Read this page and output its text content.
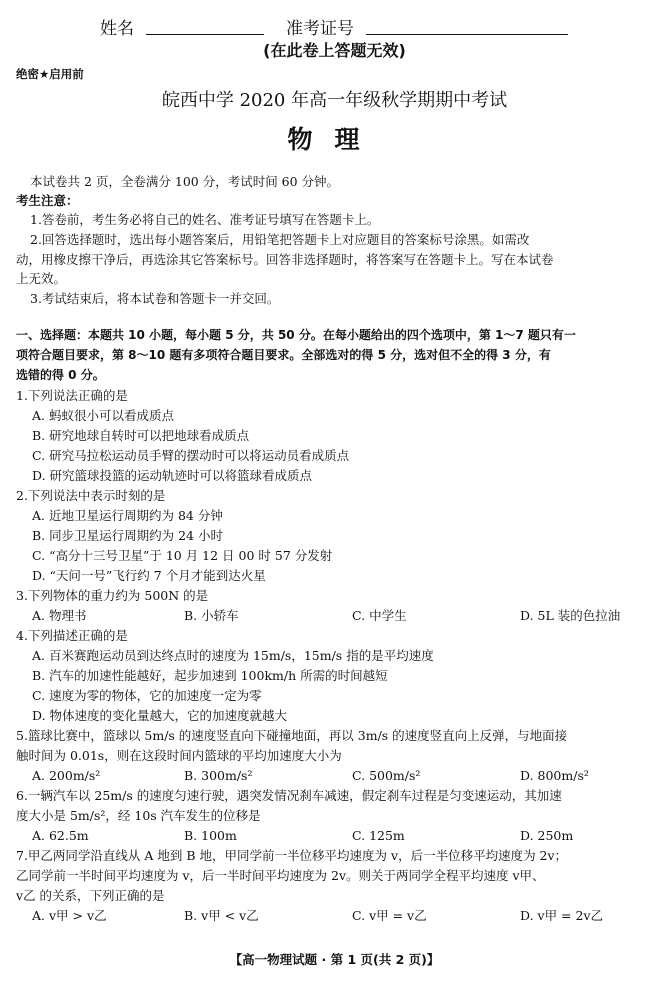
姓名	准考证号
(在此卷上答题无效)
绝密★启用前
皖西中学 2020 年高一年级秋学期期中考试
物理
本试卷共 2 页，全卷满分 100 分，考试时间 60 分钟。
考生注意：
1.答卷前，考生务必将自己的姓名、准考证号填写在答题卡上。
2.回答选择题时，选出每小题答案后，用铅笔把答题卡上对应题目的答案标号涂黑。如需改
动，用橡皮擦干净后，再选涂其它答案标号。回答非选择题时，将答案写在答题卡上。写在本试卷
上无效。
3.考试结束后，将本试卷和答题卡一并交回。
一、选择题：本题共 10 小题，每小题 5 分，共 50 分。在每小题给出的四个选项中，第 1～7 题只有一
项符合题目要求，第 8～10 题有多项符合题目要求。全部选对的得 5 分，选对但不全的得 3 分，有
选错的得 0 分。
1.下列说法正确的是
A. 蚂蚁很小可以看成质点
B. 研究地球自转时可以把地球看成质点
C. 研究马拉松运动员手臂的摆动时可以将运动员看成质点
D. 研究篮球投篮的运动轨迹时可以将篮球看成质点
2.下列说法中表示时刻的是
A. 近地卫星运行周期约为 84 分钟
B. 同步卫星运行周期约为 24 小时
C. “高分十三号卫星”于 10 月 12 日 00 时 57 分发射
D. “天问一号”飞行约 7 个月才能到达火星
3.下列物体的重力约为 500N 的是
A. 物理书	B. 小轿车	C. 中学生	D. 5L 装的色拉油
4.下列描述正确的是
A. 百米赛跑运动员到达终点时的速度为 15m/s，15m/s 指的是平均速度
B. 汽车的加速性能越好，起步加速到 100km/h 所需的时间越短
C. 速度为零的物体，它的加速度一定为零
D. 物体速度的变化量越大，它的加速度就越大
5.篮球比赛中，篮球以 5m/s 的速度竖直向下碰撞地面，再以 3m/s 的速度竖直向上反弹，与地面接
触时间为 0.01s，则在这段时间内篮球的平均加速度大小为
A. 200m/s²	B. 300m/s²	C. 500m/s²	D. 800m/s²
6.一辆汽车以 25m/s 的速度匀速行驶，遇突发情况刹车减速，假定刹车过程是匀变速运动，其加速
度大小是 5m/s²，经 10s 汽车发生的位移是
A. 62.5m	B. 100m	C. 125m	D. 250m
7.甲乙两同学沿直线从 A 地到 B 地，甲同学前一半位移平均速度为 v，后一半位移平均速度为 2v；
乙同学前一半时间平均速度为 v，后一半时间平均速度为 2v。则关于两同学全程平均速度 v甲、
v乙 的关系，下列正确的是
A. v甲 > v乙	B. v甲 < v乙	C. v甲 = v乙	D. v甲 = 2v乙
【高一物理试题 · 第 1 页(共 2 页)】
